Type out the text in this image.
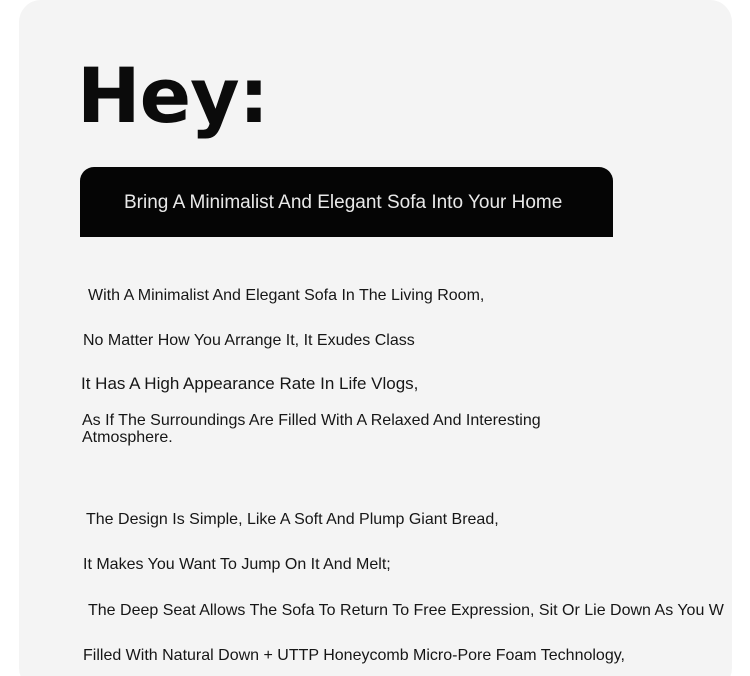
Hey:
Bring A Minimalist And Elegant Sofa Into Your Home

With A Minimalist And Elegant Sofa In The Living Room,

No Matter How You Arrange It, It Exudes Class

It Has A High Appearance Rate In Life Vlogs,

As If The Surroundings Are Filled With A Relaxed And Interesting Atmosphere.

The Design Is Simple, Like A Soft And Plump Giant Bread,

It Makes You Want To Jump On It And Melt;

The Deep Seat Allows The Sofa To Return To Free Expression, Sit Or Lie Down As You W

Filled With Natural Down + UTTP Honeycomb Micro-Pore Foam Technology,
